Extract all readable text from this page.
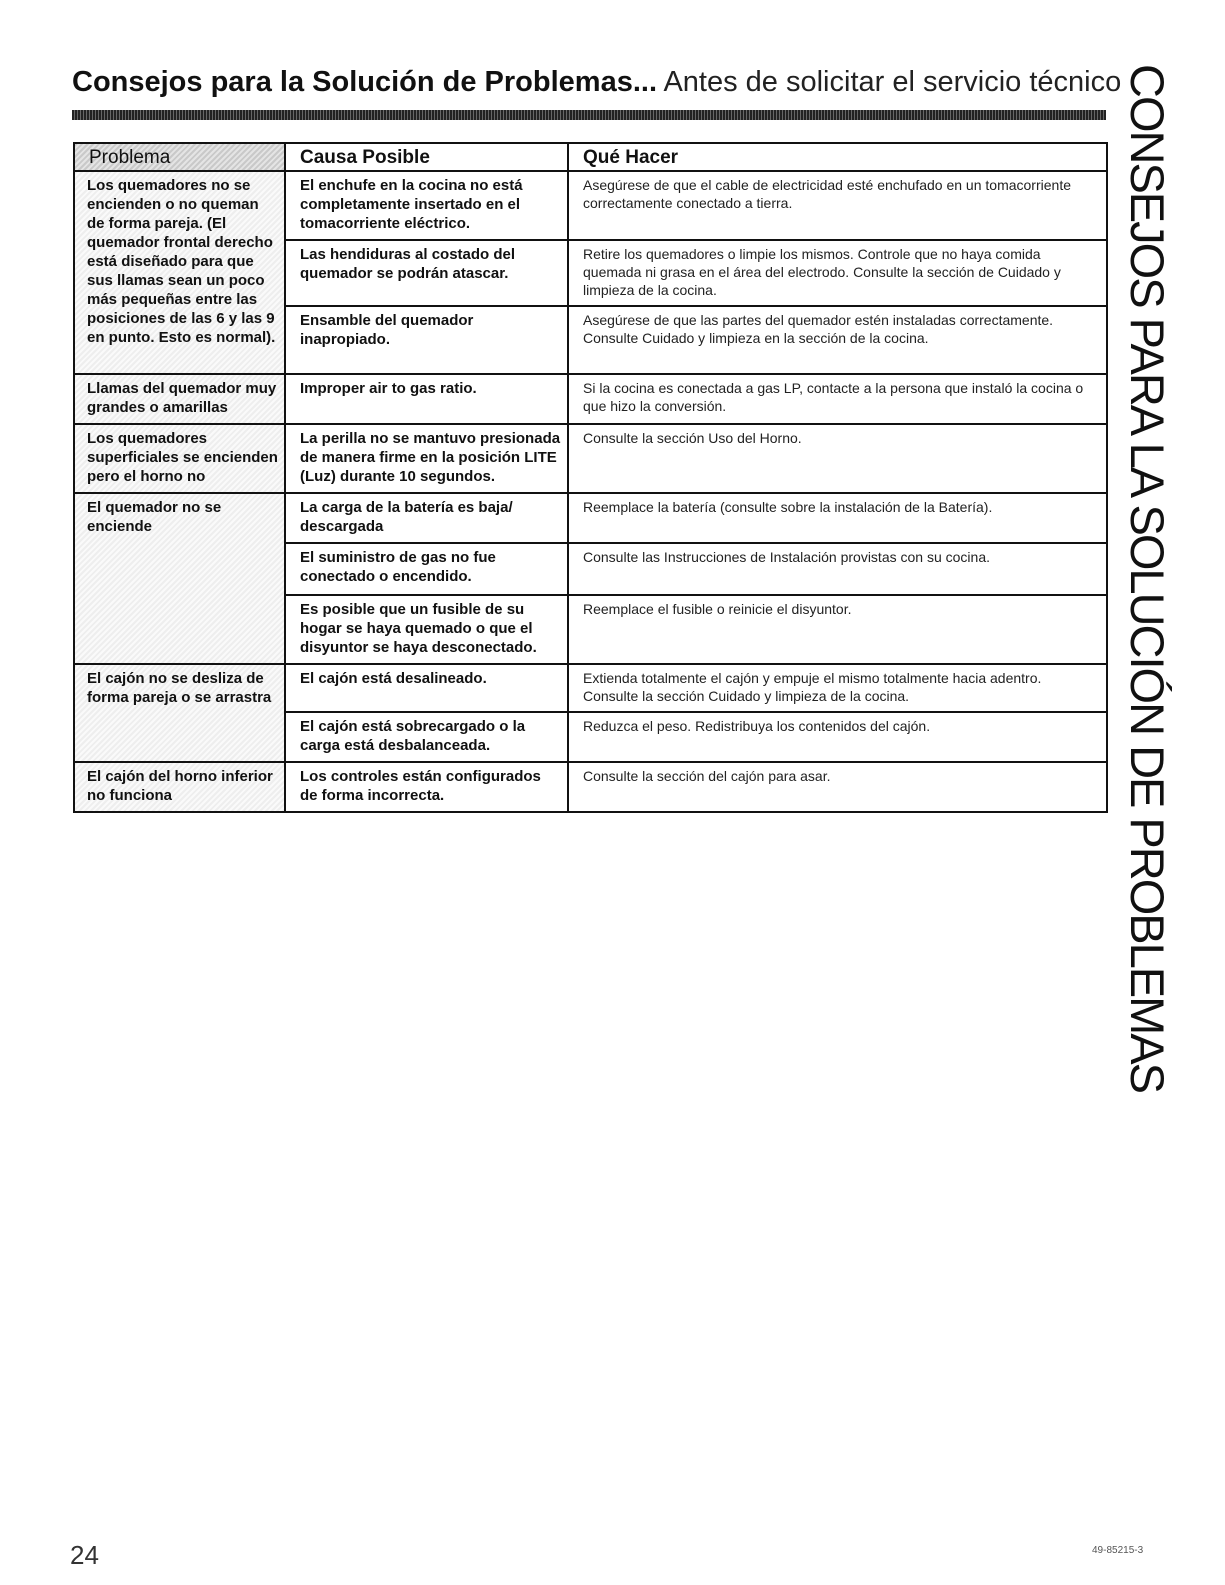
Consejos para la Solución de Problemas... Antes de solicitar el servicio técnico CONSEJOS PARA LA SOLUCIÓN DE PROBLEMAS
Problema	Causa Posible	Qué Hacer
Los quemadores no se encienden o no queman de forma pareja. (El quemador frontal derecho está diseñado para que sus llamas sean un poco más pequeñas entre las posiciones de las 6 y las 9 en punto. Esto es normal).	El enchufe en la cocina no está completamente insertado en el tomacorriente eléctrico.	Asegúrese de que el cable de electricidad esté enchufado en un tomacorriente correctamente conectado a tierra.
	Las hendiduras al costado del quemador se podrán atascar.	Retire los quemadores o limpie los mismos. Controle que no haya comida quemada ni grasa en el área del electrodo. Consulte la sección de Cuidado y limpieza de la cocina.
	Ensamble del quemador inapropiado.	Asegúrese de que las partes del quemador estén instaladas correctamente. Consulte Cuidado y limpieza en la sección de la cocina.
Llamas del quemador muy grandes o amarillas	Improper air to gas ratio.	Si la cocina es conectada a gas LP, contacte a la persona que instaló la cocina o que hizo la conversión.
Los quemadores superficiales se encienden pero el horno no	La perilla no se mantuvo presionada de manera firme en la posición LITE (Luz) durante 10 segundos.	Consulte la sección Uso del Horno.
El quemador no se enciende	La carga de la batería es baja/ descargada	Reemplace la batería (consulte sobre la instalación de la Batería).
	El suministro de gas no fue conectado o encendido.	Consulte las Instrucciones de Instalación provistas con su cocina.
	Es posible que un fusible de su hogar se haya quemado o que el disyuntor se haya desconectado.	Reemplace el fusible o reinicie el disyuntor.
El cajón no se desliza de forma pareja o se arrastra	El cajón está desalineado.	Extienda totalmente el cajón y empuje el mismo totalmente hacia adentro. Consulte la sección Cuidado y limpieza de la cocina.
	El cajón está sobrecargado o la carga está desbalanceada.	Reduzca el peso. Redistribuya los contenidos del cajón.
El cajón del horno inferior no funciona	Los controles están configurados de forma incorrecta.	Consulte la sección del cajón para asar.
24	49-85215-3
